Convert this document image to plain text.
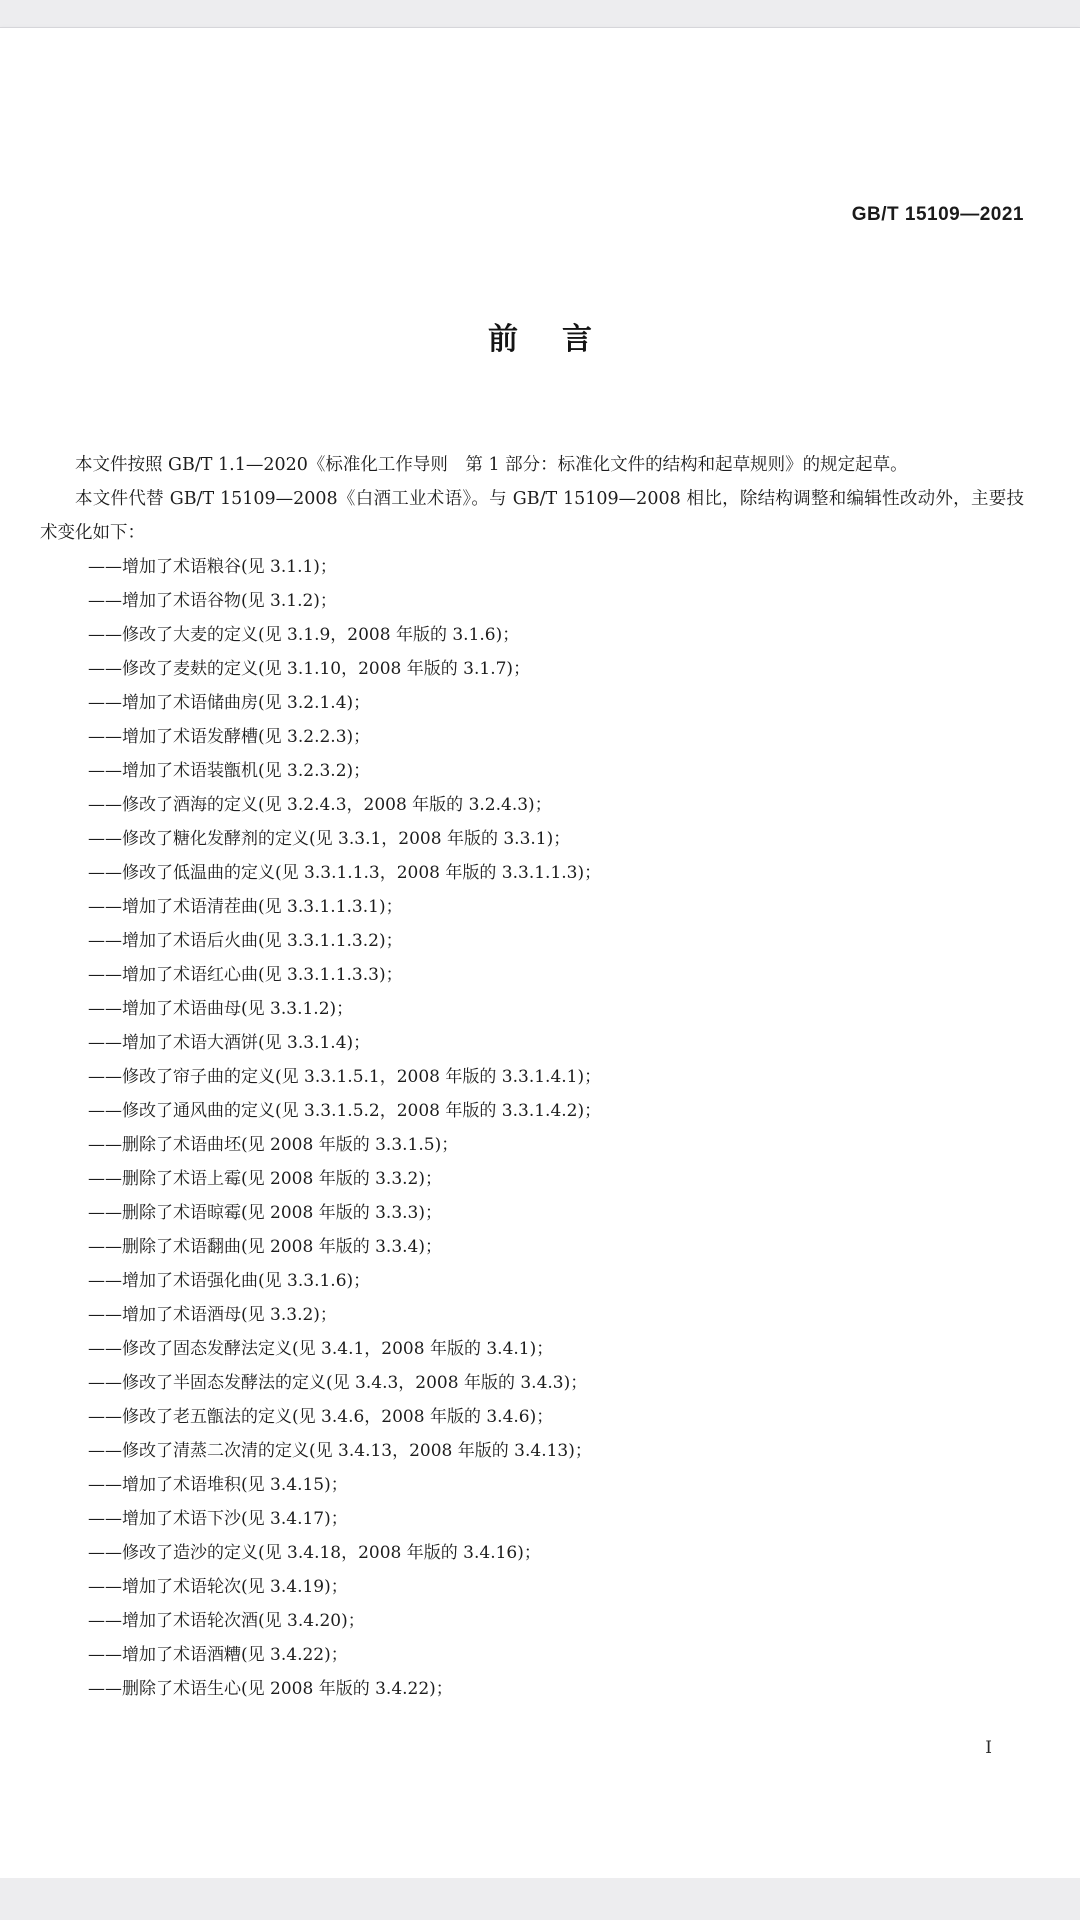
GB/T 15109—2021
前言

本文件按照 GB/T 1.1—2020《标准化工作导则　第 1 部分：标准化文件的结构和起草规则》的规定起草。

本文件代替 GB/T 15109—2008《白酒工业术语》。与 GB/T 15109—2008 相比，除结构调整和编辑性改动外，主要技术变化如下：

——增加了术语粮谷(见 3.1.1)；
——增加了术语谷物(见 3.1.2)；
——修改了大麦的定义(见 3.1.9，2008 年版的 3.1.6)；
——修改了麦麸的定义(见 3.1.10，2008 年版的 3.1.7)；
——增加了术语储曲房(见 3.2.1.4)；
——增加了术语发酵槽(见 3.2.2.3)；
——增加了术语装甑机(见 3.2.3.2)；
——修改了酒海的定义(见 3.2.4.3，2008 年版的 3.2.4.3)；
——修改了糖化发酵剂的定义(见 3.3.1，2008 年版的 3.3.1)；
——修改了低温曲的定义(见 3.3.1.1.3，2008 年版的 3.3.1.1.3)；
——增加了术语清茬曲(见 3.3.1.1.3.1)；
——增加了术语后火曲(见 3.3.1.1.3.2)；
——增加了术语红心曲(见 3.3.1.1.3.3)；
——增加了术语曲母(见 3.3.1.2)；
——增加了术语大酒饼(见 3.3.1.4)；
——修改了帘子曲的定义(见 3.3.1.5.1，2008 年版的 3.3.1.4.1)；
——修改了通风曲的定义(见 3.3.1.5.2，2008 年版的 3.3.1.4.2)；
——删除了术语曲坯(见 2008 年版的 3.3.1.5)；
——删除了术语上霉(见 2008 年版的 3.3.2)；
——删除了术语晾霉(见 2008 年版的 3.3.3)；
——删除了术语翻曲(见 2008 年版的 3.3.4)；
——增加了术语强化曲(见 3.3.1.6)；
——增加了术语酒母(见 3.3.2)；
——修改了固态发酵法定义(见 3.4.1，2008 年版的 3.4.1)；
——修改了半固态发酵法的定义(见 3.4.3，2008 年版的 3.4.3)；
——修改了老五甑法的定义(见 3.4.6，2008 年版的 3.4.6)；
——修改了清蒸二次清的定义(见 3.4.13，2008 年版的 3.4.13)；
——增加了术语堆积(见 3.4.15)；
——增加了术语下沙(见 3.4.17)；
——修改了造沙的定义(见 3.4.18，2008 年版的 3.4.16)；
——增加了术语轮次(见 3.4.19)；
——增加了术语轮次酒(见 3.4.20)；
——增加了术语酒糟(见 3.4.22)；
——删除了术语生心(见 2008 年版的 3.4.22)；
I
